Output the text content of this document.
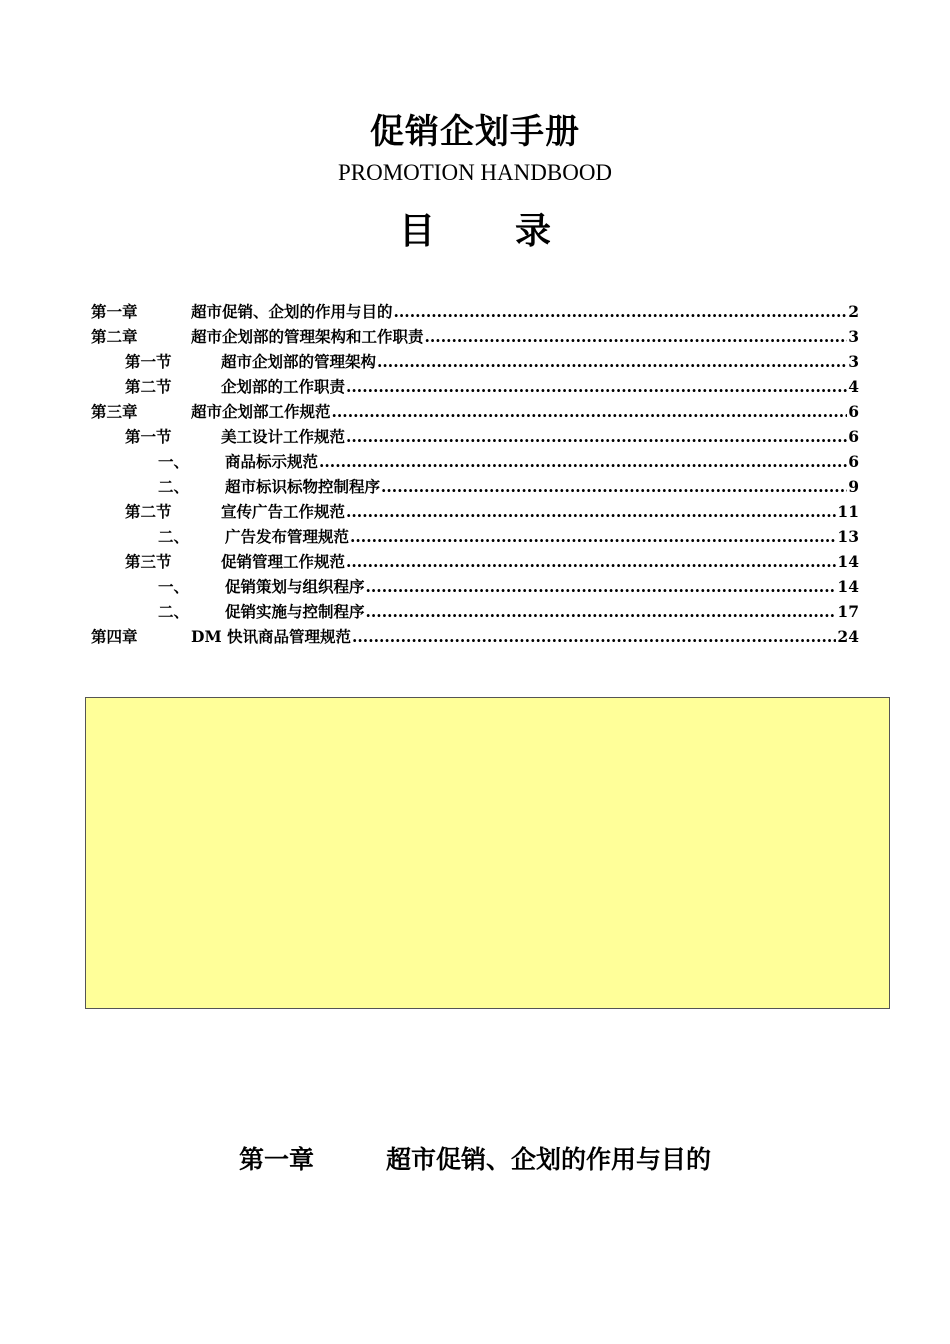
促销企划手册
PROMOTION HANDBOOD
目 录
第一章	超市促销、企划的作用与目的 .....	2
第二章	超市企划部的管理架构和工作职责 .....	3
第一节	超市企划部的管理架构 .....	3
第二节	企划部的工作职责 .....	4
第三章	超市企划部工作规范 .....	6
第一节	美工设计工作规范 .....	6
一、	商品标示规范 .....	6
二、	超市标识标物控制程序 .....	9
第二节	宣传广告工作规范 .....	11
二、	广告发布管理规范 .....	13
第三节	促销管理工作规范 .....	14
一、	促销策划与组织程序 .....	14
二、	促销实施与控制程序 .....	17
第四章	DM 快讯商品管理规范 .....	24
第一章	超市促销、企划的作用与目的
